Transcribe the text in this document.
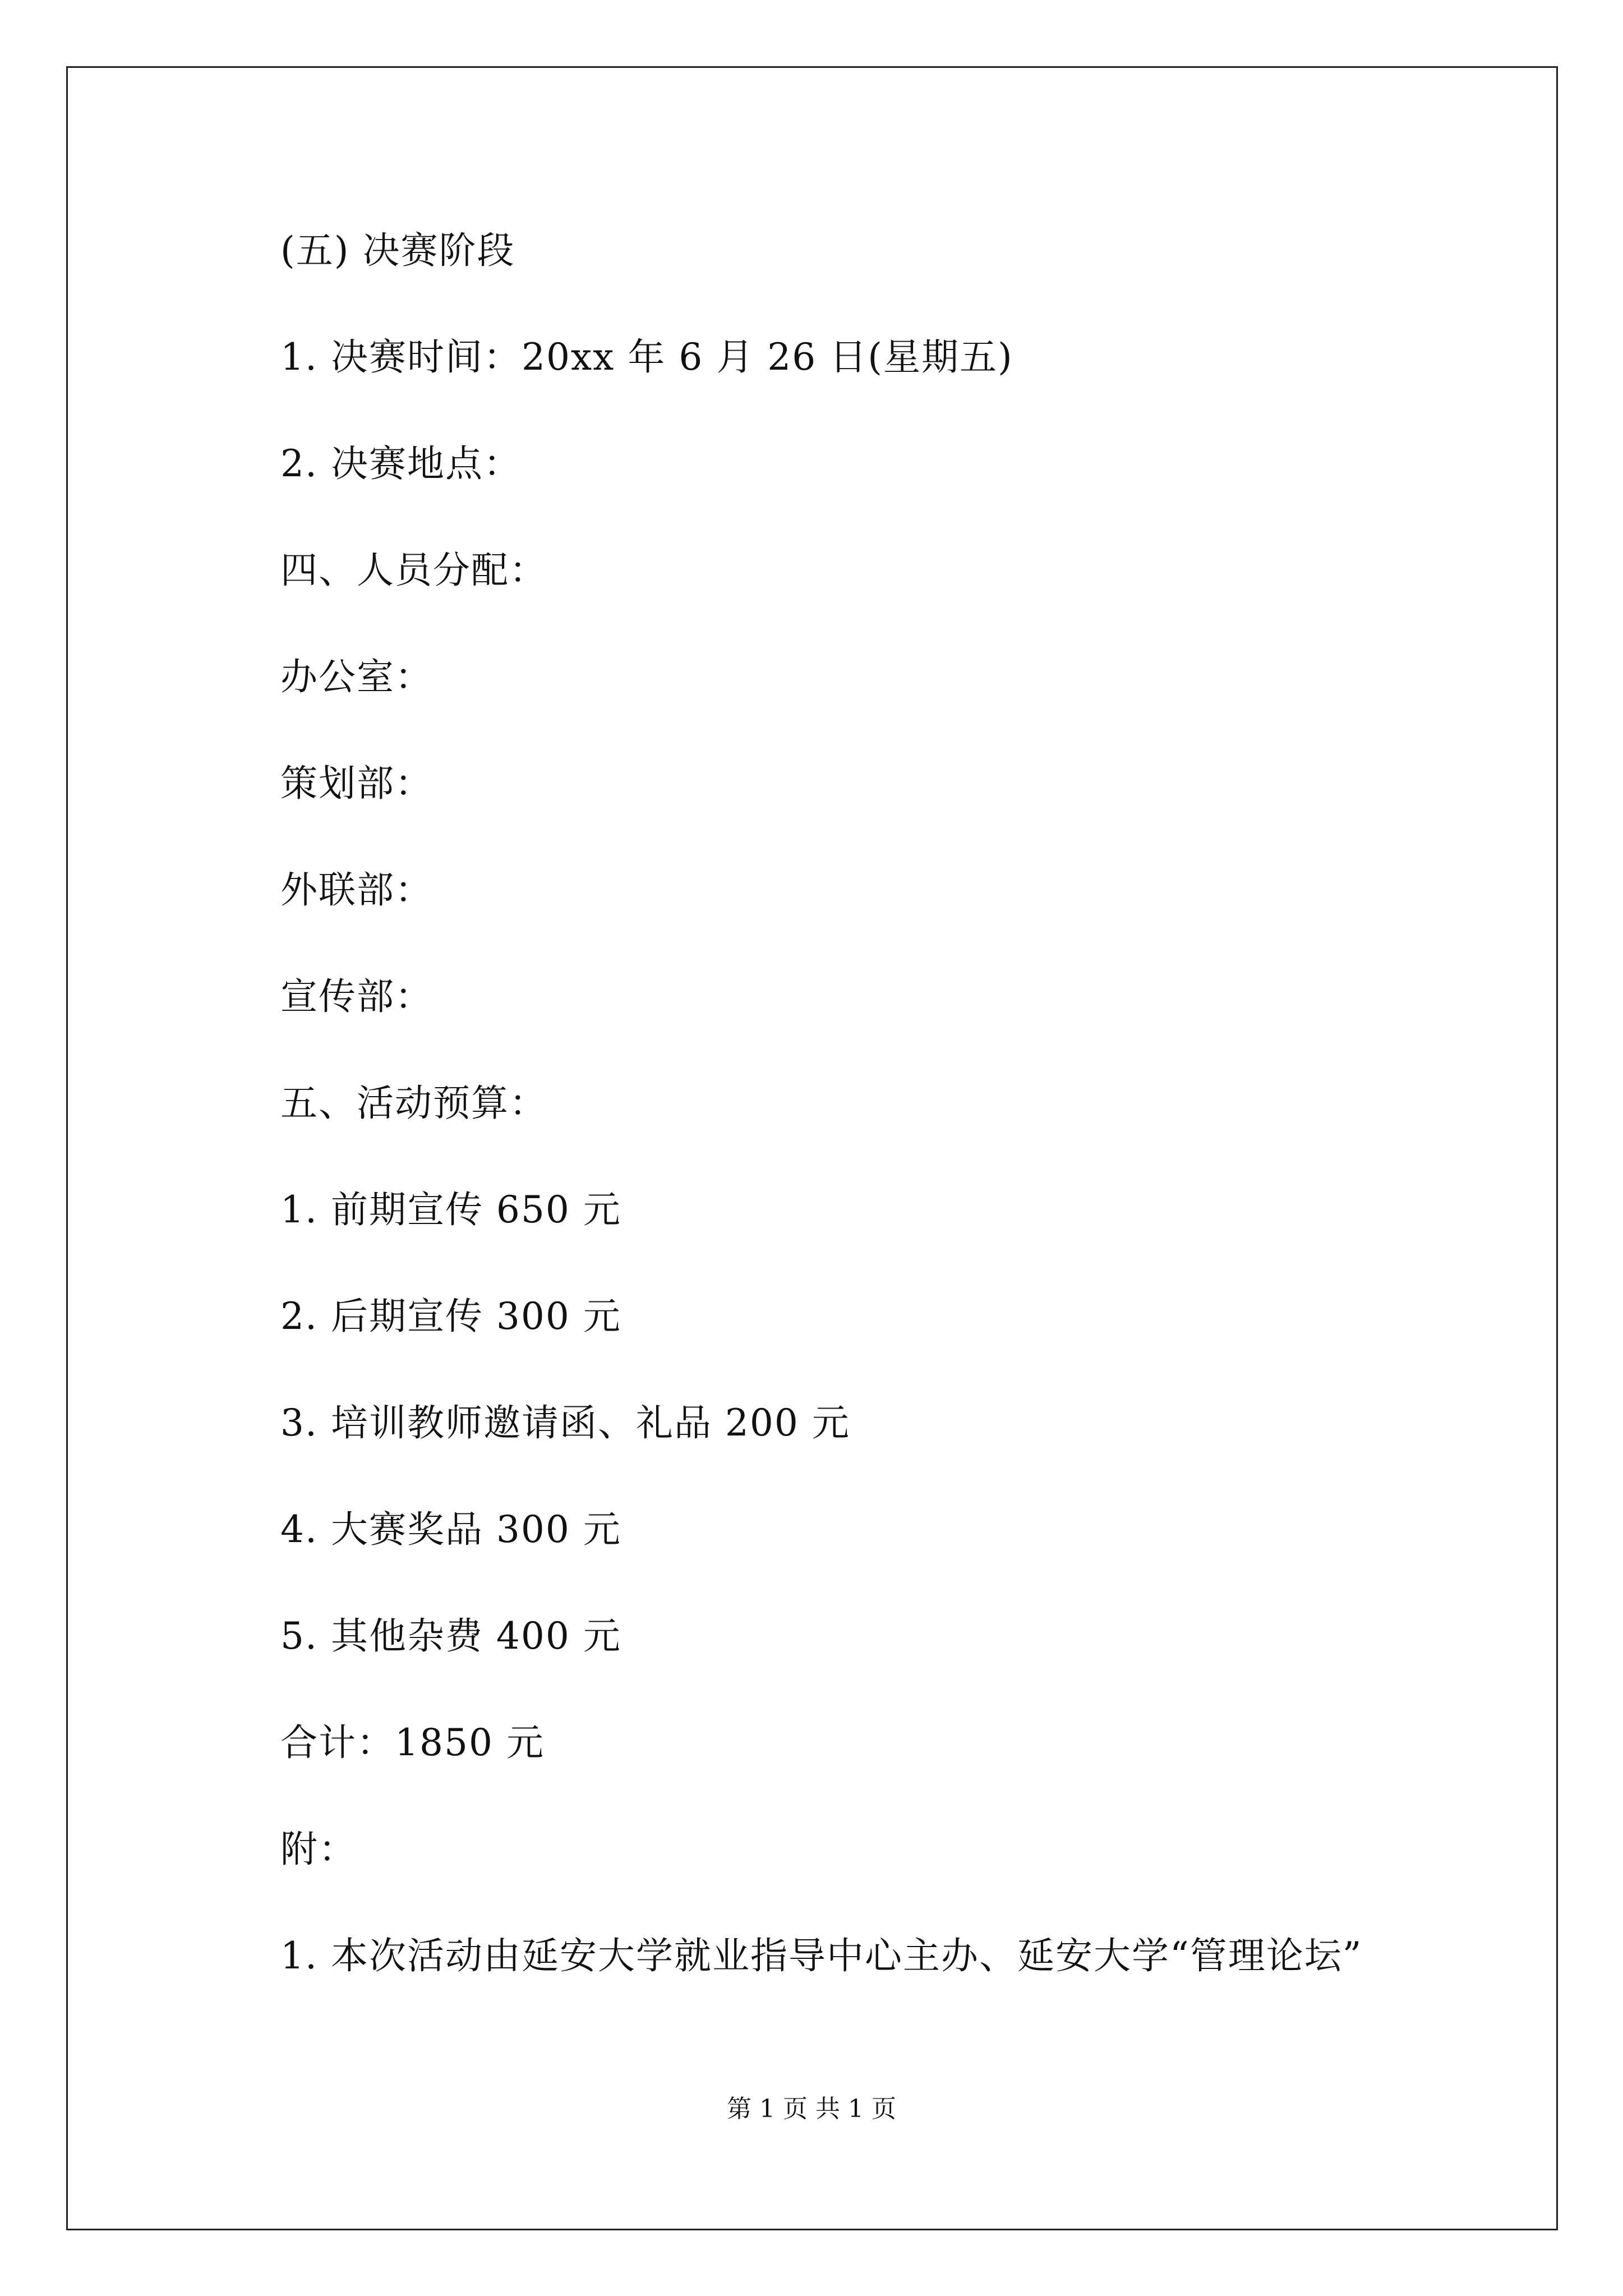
(五) 决赛阶段
1. 决赛时间：20xx 年 6 月 26 日(星期五)
2. 决赛地点：
四、人员分配：
办公室：
策划部：
外联部：
宣传部：
五、活动预算：
1. 前期宣传 650 元
2. 后期宣传 300 元
3. 培训教师邀请函、礼品 200 元
4. 大赛奖品 300 元
5. 其他杂费 400 元
合计：1850 元
附：
1. 本次活动由延安大学就业指导中心主办、延安大学“管理论坛”
第 1 页 共 1 页
